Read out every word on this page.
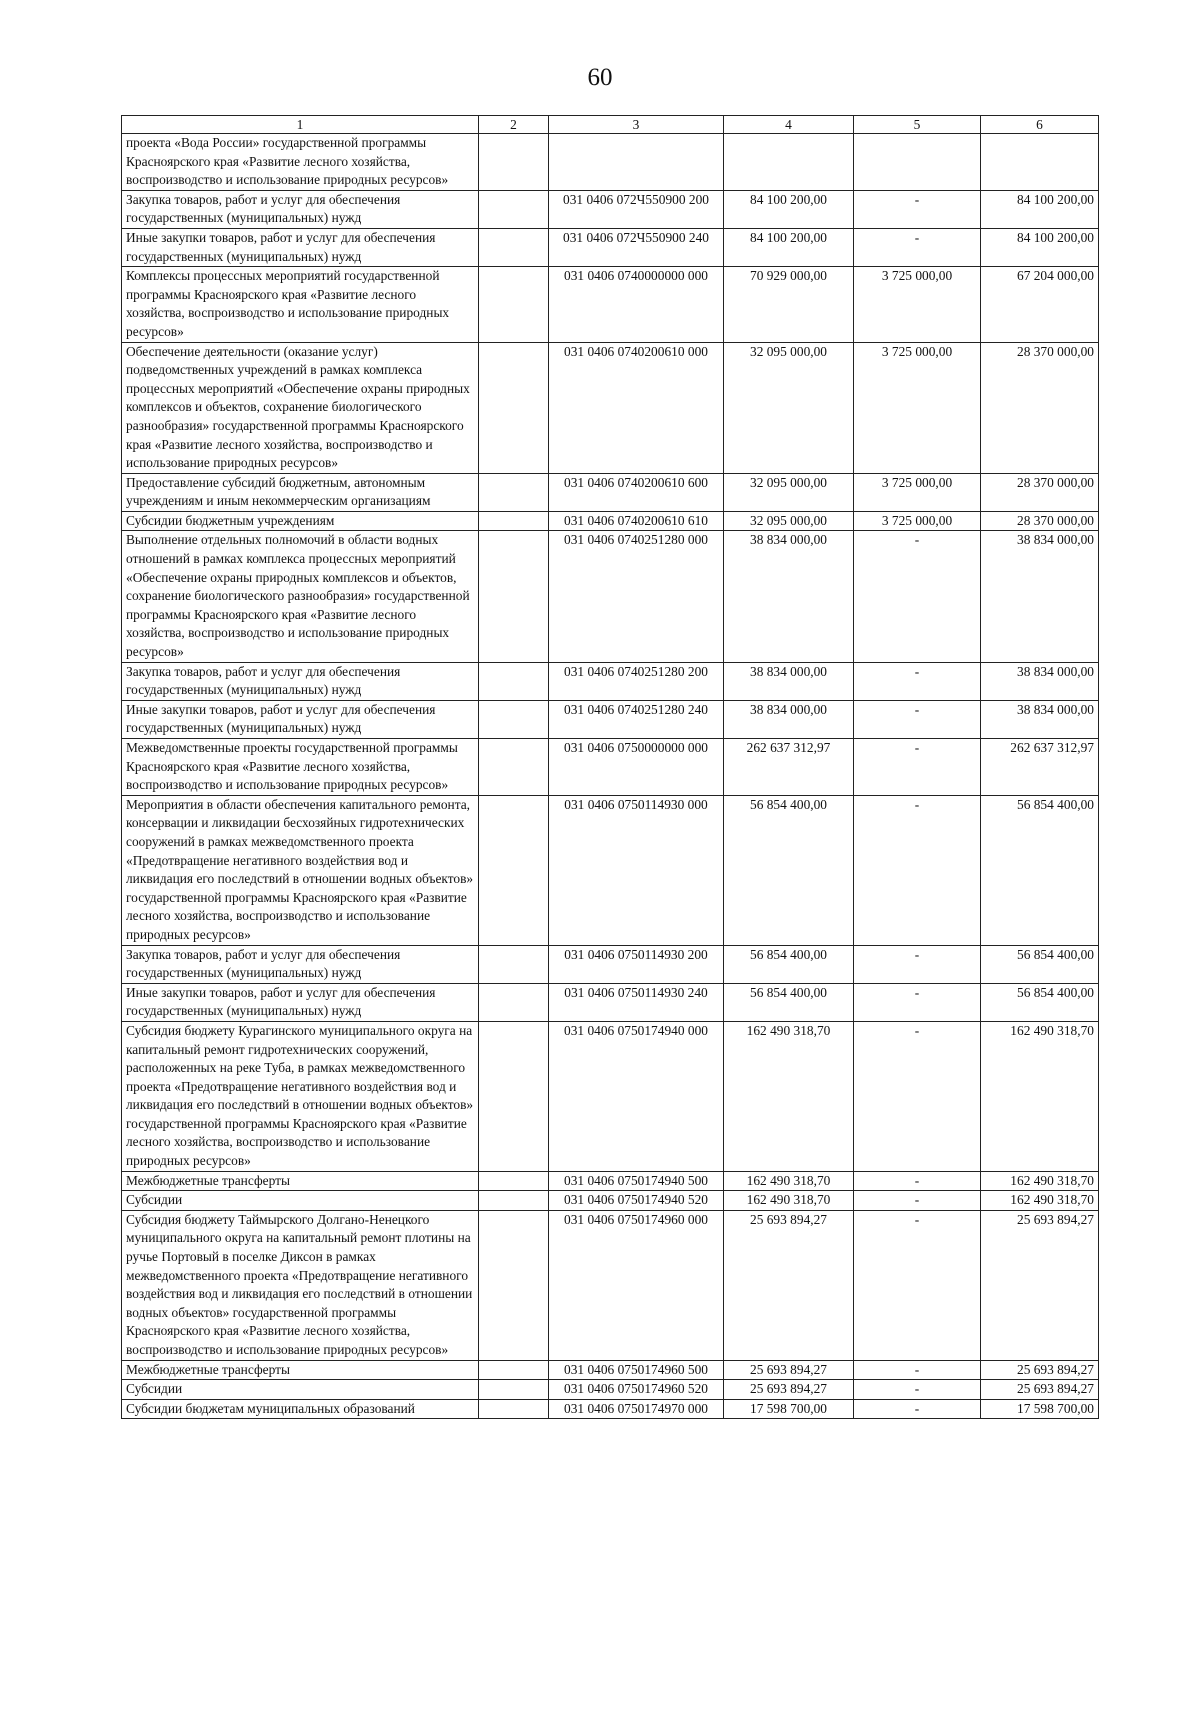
60
1	2	3	4	5	6
проекта «Вода России» государственной программы Красноярского края «Развитие лесного хозяйства, воспроизводство и использование природных ресурсов»					
Закупка товаров, работ и услуг для обеспечения государственных (муниципальных) нужд		031 0406 072Ч550900 200	84 100 200,00	-	84 100 200,00
Иные закупки товаров, работ и услуг для обеспечения государственных (муниципальных) нужд		031 0406 072Ч550900 240	84 100 200,00	-	84 100 200,00
Комплексы процессных мероприятий государственной программы Красноярского края «Развитие лесного хозяйства, воспроизводство и использование природных ресурсов»		031 0406 0740000000 000	70 929 000,00	3 725 000,00	67 204 000,00
Обеспечение деятельности (оказание услуг) подведомственных учреждений в рамках комплекса процессных мероприятий «Обеспечение охраны природных комплексов и объектов, сохранение биологического разнообразия» государственной программы Красноярского края «Развитие лесного хозяйства, воспроизводство и использование природных ресурсов»		031 0406 0740200610 000	32 095 000,00	3 725 000,00	28 370 000,00
Предоставление субсидий бюджетным, автономным учреждениям и иным некоммерческим организациям		031 0406 0740200610 600	32 095 000,00	3 725 000,00	28 370 000,00
Субсидии бюджетным учреждениям		031 0406 0740200610 610	32 095 000,00	3 725 000,00	28 370 000,00
Выполнение отдельных полномочий в области водных отношений в рамках комплекса процессных мероприятий «Обеспечение охраны природных комплексов и объектов, сохранение биологического разнообразия» государственной программы Красноярского края «Развитие лесного хозяйства, воспроизводство и использование природных ресурсов»		031 0406 0740251280 000	38 834 000,00	-	38 834 000,00
Закупка товаров, работ и услуг для обеспечения государственных (муниципальных) нужд		031 0406 0740251280 200	38 834 000,00	-	38 834 000,00
Иные закупки товаров, работ и услуг для обеспечения государственных (муниципальных) нужд		031 0406 0740251280 240	38 834 000,00	-	38 834 000,00
Межведомственные проекты государственной программы Красноярского края «Развитие лесного хозяйства, воспроизводство и использование природных ресурсов»		031 0406 0750000000 000	262 637 312,97	-	262 637 312,97
Мероприятия в области обеспечения капитального ремонта, консервации и ликвидации бесхозяйных гидротехнических сооружений в рамках межведомственного проекта «Предотвращение негативного воздействия вод и ликвидация его последствий в отношении водных объектов» государственной программы Красноярского края «Развитие лесного хозяйства, воспроизводство и использование природных ресурсов»		031 0406 0750114930 000	56 854 400,00	-	56 854 400,00
Закупка товаров, работ и услуг для обеспечения государственных (муниципальных) нужд		031 0406 0750114930 200	56 854 400,00	-	56 854 400,00
Иные закупки товаров, работ и услуг для обеспечения государственных (муниципальных) нужд		031 0406 0750114930 240	56 854 400,00	-	56 854 400,00
Субсидия бюджету Курагинского муниципального округа на капитальный ремонт гидротехнических сооружений, расположенных на реке Туба, в рамках межведомственного проекта «Предотвращение негативного воздействия вод и ликвидация его последствий в отношении водных объектов» государственной программы Красноярского края «Развитие лесного хозяйства, воспроизводство и использование природных ресурсов»		031 0406 0750174940 000	162 490 318,70	-	162 490 318,70
Межбюджетные трансферты		031 0406 0750174940 500	162 490 318,70	-	162 490 318,70
Субсидии		031 0406 0750174940 520	162 490 318,70	-	162 490 318,70
Субсидия бюджету Таймырского Долгано-Ненецкого муниципального округа на капитальный ремонт плотины на ручье Портовый в поселке Диксон в рамках межведомственного проекта «Предотвращение негативного воздействия вод и ликвидация его последствий в отношении водных объектов» государственной программы Красноярского края «Развитие лесного хозяйства, воспроизводство и использование природных ресурсов»		031 0406 0750174960 000	25 693 894,27	-	25 693 894,27
Межбюджетные трансферты		031 0406 0750174960 500	25 693 894,27	-	25 693 894,27
Субсидии		031 0406 0750174960 520	25 693 894,27	-	25 693 894,27
Субсидии бюджетам муниципальных образований		031 0406 0750174970 000	17 598 700,00	-	17 598 700,00
